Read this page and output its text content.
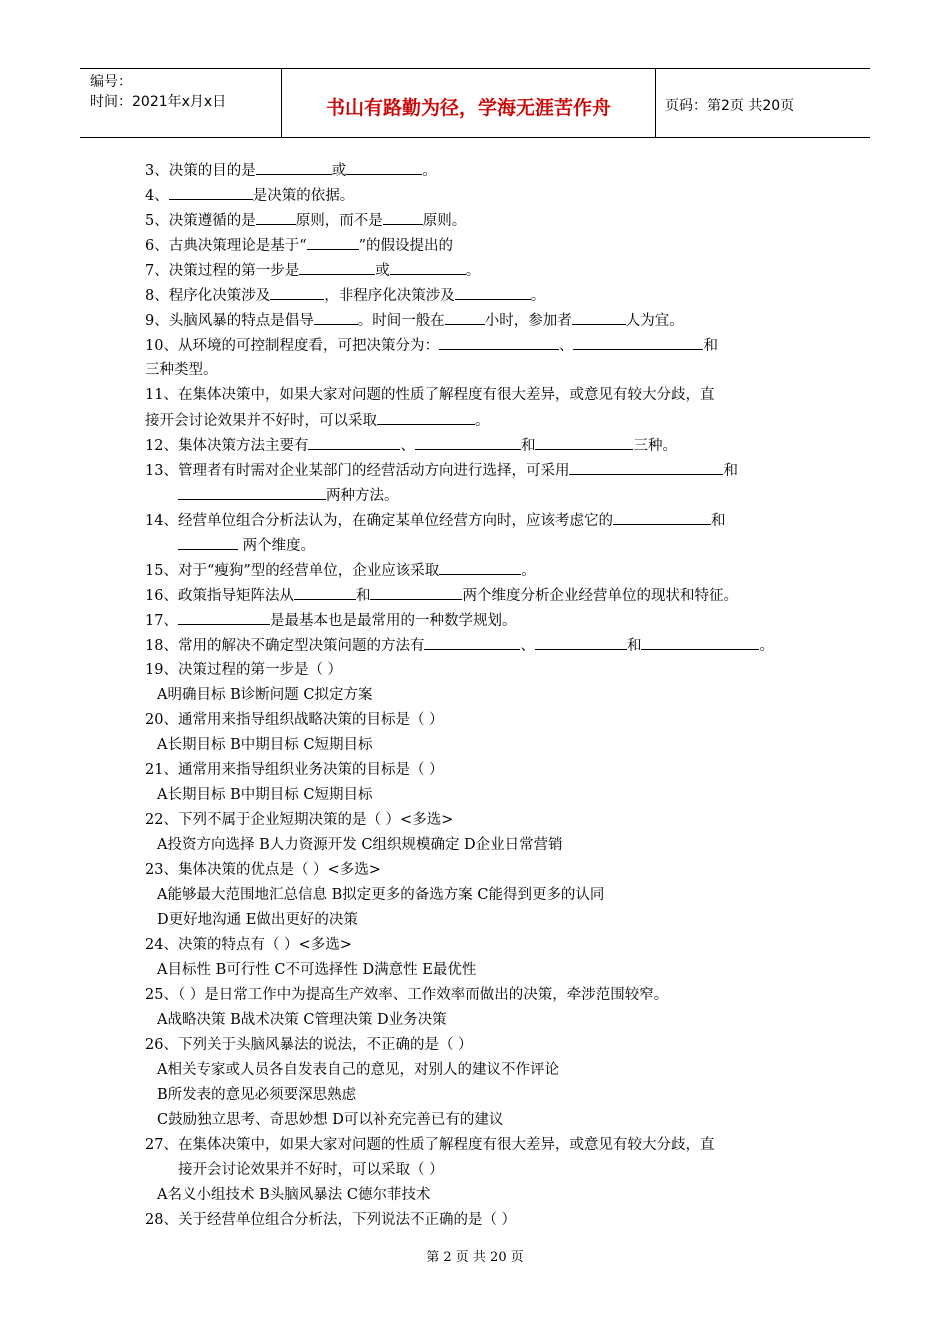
编号：
时间：2021年x月x日	书山有路勤为径，学海无涯苦作舟	页码：第2页 共20页
3、决策的目的是	或	。
4、	是决策的依据。
5、决策遵循的是	原则，而不是	原则。
6、古典决策理论是基于“	”的假设提出的
7、决策过程的第一步是	或	。
8、程序化决策涉及	，非程序化决策涉及	。
9、头脑风暴的特点是倡导	。时间一般在	小时，参加者	人为宜。
10、从环境的可控制程度看，可把决策分为：	、	和
三种类型。
11、在集体决策中，如果大家对问题的性质了解程度有很大差异，或意见有较大分歧，直
接开会讨论效果并不好时，可以采取	。
12、集体决策方法主要有	、	和	三种。
13、管理者有时需对企业某部门的经营活动方向进行选择，可采用	和
两种方法。
14、经营单位组合分析法认为，在确定某单位经营方向时，应该考虑它的	和
两个维度。
15、对于“瘦狗”型的经营单位，企业应该采取	。
16、政策指导矩阵法从	和	两个维度分析企业经营单位的现状和特征。
17、	是最基本也是最常用的一种数学规划。
18、常用的解决不确定型决策问题的方法有	、	和	。
19、决策过程的第一步是（ ）
A明确目标 B诊断问题 C拟定方案
20、通常用来指导组织战略决策的目标是（ ）
A长期目标 B中期目标 C短期目标
21、通常用来指导组织业务决策的目标是（ ）
A长期目标 B中期目标 C短期目标
22、下列不属于企业短期决策的是（ ）<多选>
A投资方向选择 B人力资源开发 C组织规模确定 D企业日常营销
23、集体决策的优点是（ ）<多选>
A能够最大范围地汇总信息 B拟定更多的备选方案 C能得到更多的认同
D更好地沟通 E做出更好的决策
24、决策的特点有（ ）<多选>
A目标性 B可行性 C不可选择性 D满意性 E最优性
25、（ ）是日常工作中为提高生产效率、工作效率而做出的决策，牵涉范围较窄。
A战略决策 B战术决策 C管理决策 D业务决策
26、下列关于头脑风暴法的说法，不正确的是（ ）
A相关专家或人员各自发表自己的意见，对别人的建议不作评论
B所发表的意见必须要深思熟虑
C鼓励独立思考、奇思妙想 D可以补充完善已有的建议
27、在集体决策中，如果大家对问题的性质了解程度有很大差异，或意见有较大分歧，直
接开会讨论效果并不好时，可以采取（ ）
A名义小组技术 B头脑风暴法 C德尔菲技术
28、关于经营单位组合分析法，下列说法不正确的是（ ）
第 2 页 共 20 页
